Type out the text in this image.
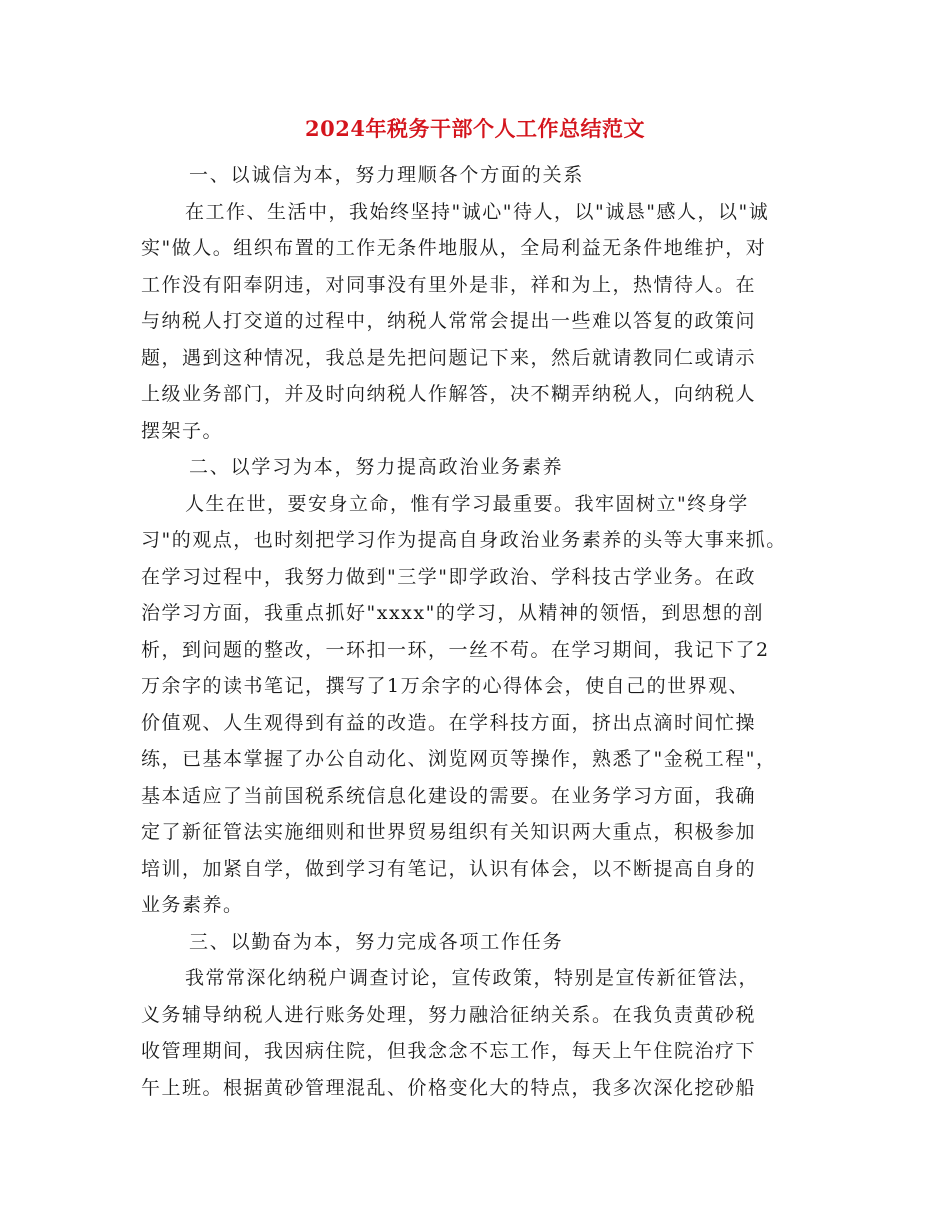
2024年税务干部个人工作总结范文
一、以诚信为本，努力理顺各个方面的关系
在工作、生活中，我始终坚持"诚心"待人，以"诚恳"感人，以"诚
实"做人。组织布置的工作无条件地服从，全局利益无条件地维护，对
工作没有阳奉阴违，对同事没有里外是非，祥和为上，热情待人。在
与纳税人打交道的过程中，纳税人常常会提出一些难以答复的政策问
题，遇到这种情况，我总是先把问题记下来，然后就请教同仁或请示
上级业务部门，并及时向纳税人作解答，决不糊弄纳税人，向纳税人
摆架子。
二、以学习为本，努力提高政治业务素养
人生在世，要安身立命，惟有学习最重要。我牢固树立"终身学
习"的观点，也时刻把学习作为提高自身政治业务素养的头等大事来抓。
在学习过程中，我努力做到"三学"即学政治、学科技古学业务。在政
治学习方面，我重点抓好"xxxx"的学习，从精神的领悟，到思想的剖
析，到问题的整改，一环扣一环，一丝不苟。在学习期间，我记下了2
万余字的读书笔记，撰写了1万余字的心得体会，使自己的世界观、
价值观、人生观得到有益的改造。在学科技方面，挤出点滴时间忙操
练，已基本掌握了办公自动化、浏览网页等操作，熟悉了"金税工程"，
基本适应了当前国税系统信息化建设的需要。在业务学习方面，我确
定了新征管法实施细则和世界贸易组织有关知识两大重点，积极参加
培训，加紧自学，做到学习有笔记，认识有体会，以不断提高自身的
业务素养。
三、以勤奋为本，努力完成各项工作任务
我常常深化纳税户调查讨论，宣传政策，特别是宣传新征管法，
义务辅导纳税人进行账务处理，努力融洽征纳关系。在我负责黄砂税
收管理期间，我因病住院，但我念念不忘工作，每天上午住院治疗下
午上班。根据黄砂管理混乱、价格变化大的特点，我多次深化挖砂船
